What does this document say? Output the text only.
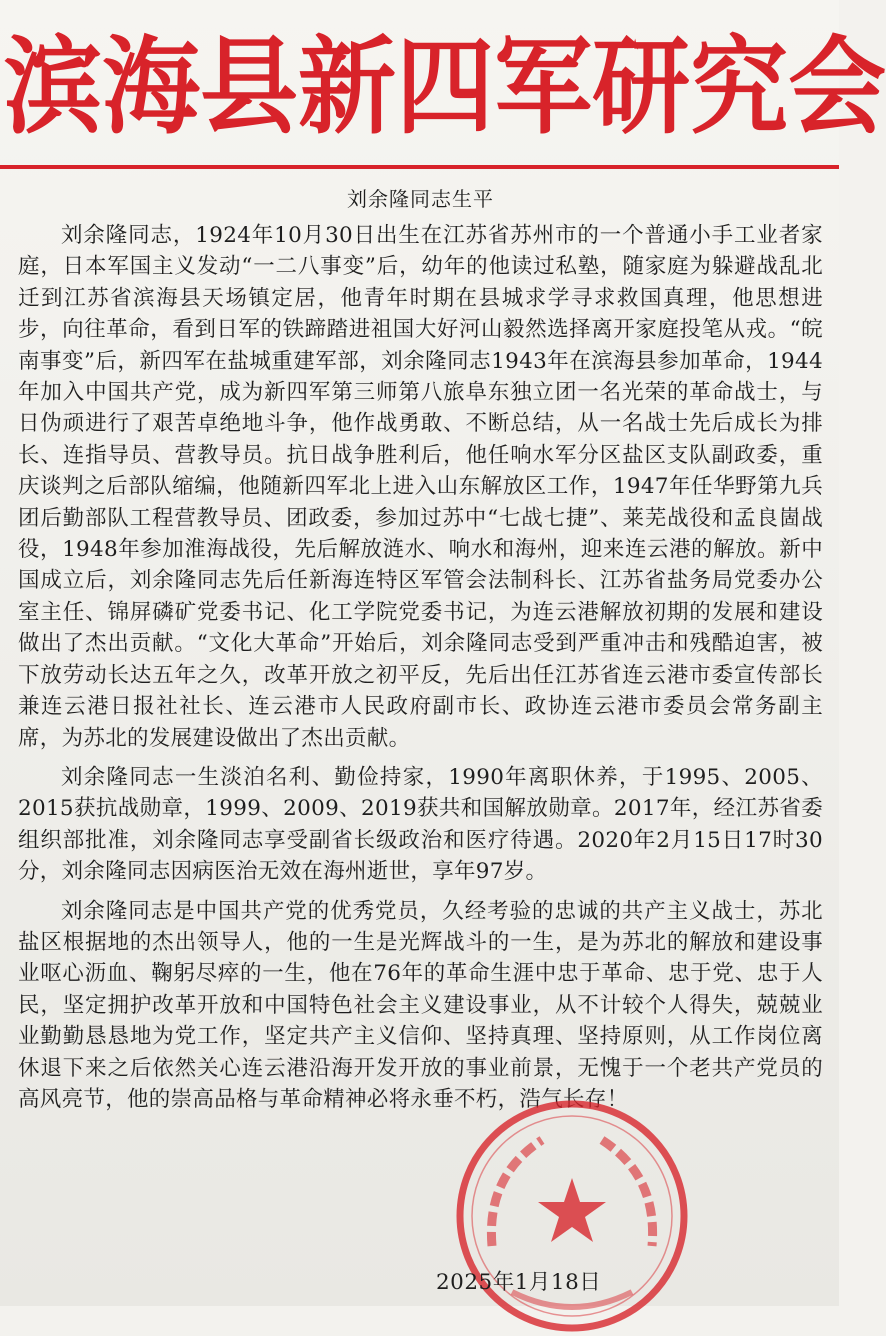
滨 海 县 新 四 军 研 究 会
刘余隆同志生平

刘余隆同志，1924年10月30日出生在江苏省苏州市的一个普通小手工业者家庭，日本军国主义发动“一二八事变”后，幼年的他读过私塾，随家庭为躲避战乱北迁到江苏省滨海县天场镇定居，他青年时期在县城求学寻求救国真理，他思想进步，向往革命，看到日军的铁蹄踏进祖国大好河山毅然选择离开家庭投笔从戎。“皖南事变”后，新四军在盐城重建军部，刘余隆同志1943年在滨海县参加革命，1944年加入中国共产党，成为新四军第三师第八旅阜东独立团一名光荣的革命战士，与日伪顽进行了艰苦卓绝地斗争，他作战勇敢、不断总结，从一名战士先后成长为排长、连指导员、营教导员。抗日战争胜利后，他任响水军分区盐区支队副政委，重庆谈判之后部队缩编，他随新四军北上进入山东解放区工作，1947年任华野第九兵团后勤部队工程营教导员、团政委，参加过苏中“七战七捷”、莱芜战役和孟良崮战役，1948年参加淮海战役，先后解放涟水、响水和海州，迎来连云港的解放。新中国成立后，刘余隆同志先后任新海连特区军管会法制科长、江苏省盐务局党委办公室主任、锦屏磷矿党委书记、化工学院党委书记，为连云港解放初期的发展和建设做出了杰出贡献。“文化大革命”开始后，刘余隆同志受到严重冲击和残酷迫害，被下放劳动长达五年之久，改革开放之初平反，先后出任江苏省连云港市委宣传部长兼连云港日报社社长、连云港市人民政府副市长、政协连云港市委员会常务副主席，为苏北的发展建设做出了杰出贡献。

刘余隆同志一生淡泊名利、勤俭持家，1990年离职休养，于1995、2005、2015获抗战勋章，1999、2009、2019获共和国解放勋章。2017年，经江苏省委组织部批准，刘余隆同志享受副省长级政治和医疗待遇。2020年2月15日17时30分，刘余隆同志因病医治无效在海州逝世，享年97岁。

刘余隆同志是中国共产党的优秀党员，久经考验的忠诚的共产主义战士，苏北盐区根据地的杰出领导人，他的一生是光辉战斗的一生，是为苏北的解放和建设事业呕心沥血、鞠躬尽瘁的一生，他在76年的革命生涯中忠于革命、忠于党、忠于人民，坚定拥护改革开放和中国特色社会主义建设事业，从不计较个人得失，兢兢业业勤勤恳恳地为党工作，坚定共产主义信仰、坚持真理、坚持原则，从工作岗位离休退下来之后依然关心连云港沿海开发开放的事业前景，无愧于一个老共产党员的高风亮节，他的崇高品格与革命精神必将永垂不朽，浩气长存！

2025年1月18日
